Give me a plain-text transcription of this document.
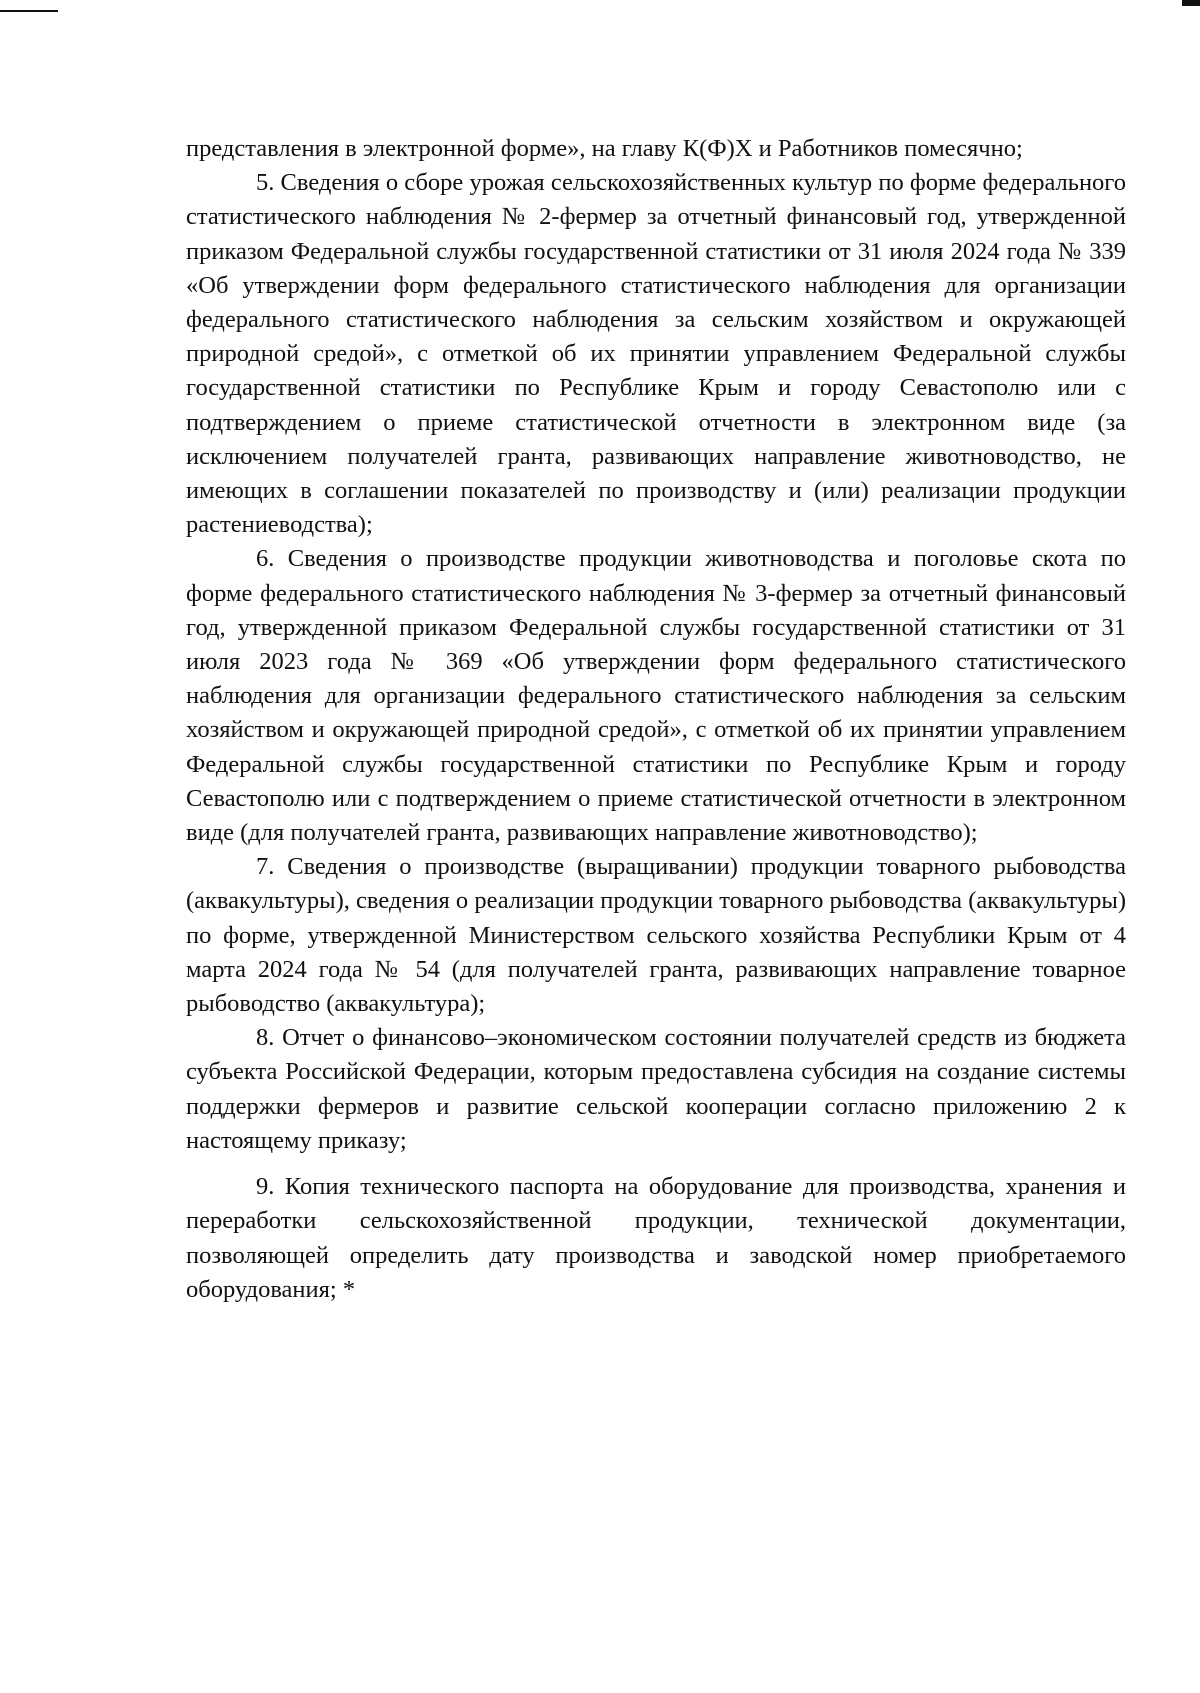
представления в электронной форме», на главу К(Ф)Х и Работников помесячно;

5. Сведения о сборе урожая сельскохозяйственных культур по форме федерального статистического наблюдения № 2-фермер за отчетный финансовый год, утвержденной приказом Федеральной службы государственной статистики от 31 июля 2024 года № 339 «Об утверждении форм федерального статистического наблюдения для организации федерального статистического наблюдения за сельским хозяйством и окружающей природной средой», с отметкой об их принятии управлением Федеральной службы государственной статистики по Республике Крым и городу Севастополю или с подтверждением о приеме статистической отчетности в электронном виде (за исключением получателей гранта, развивающих направление животноводство, не имеющих в соглашении показателей по производству и (или) реализации продукции растениеводства);

6. Сведения о производстве продукции животноводства и поголовье скота по форме федерального статистического наблюдения № 3-фермер за отчетный финансовый год, утвержденной приказом Федеральной службы государственной статистики от 31 июля 2023 года № 369 «Об утверждении форм федерального статистического наблюдения для организации федерального статистического наблюдения за сельским хозяйством и окружающей природной средой», с отметкой об их принятии управлением Федеральной службы государственной статистики по Республике Крым и городу Севастополю или с подтверждением о приеме статистической отчетности в электронном виде (для получателей гранта, развивающих направление животноводство);

7. Сведения о производстве (выращивании) продукции товарного рыбоводства (аквакультуры), сведения о реализации продукции товарного рыбоводства (аквакультуры) по форме, утвержденной Министерством сельского хозяйства Республики Крым от 4 марта 2024 года № 54 (для получателей гранта, развивающих направление товарное рыбоводство (аквакультура);

8. Отчет о финансово–экономическом состоянии получателей средств из бюджета субъекта Российской Федерации, которым предоставлена субсидия на создание системы поддержки фермеров и развитие сельской кооперации согласно приложению 2 к настоящему приказу;

9. Копия технического паспорта на оборудование для производства, хранения и переработки сельскохозяйственной продукции, технической документации, позволяющей определить дату производства и заводской номер приобретаемого оборудования; *
